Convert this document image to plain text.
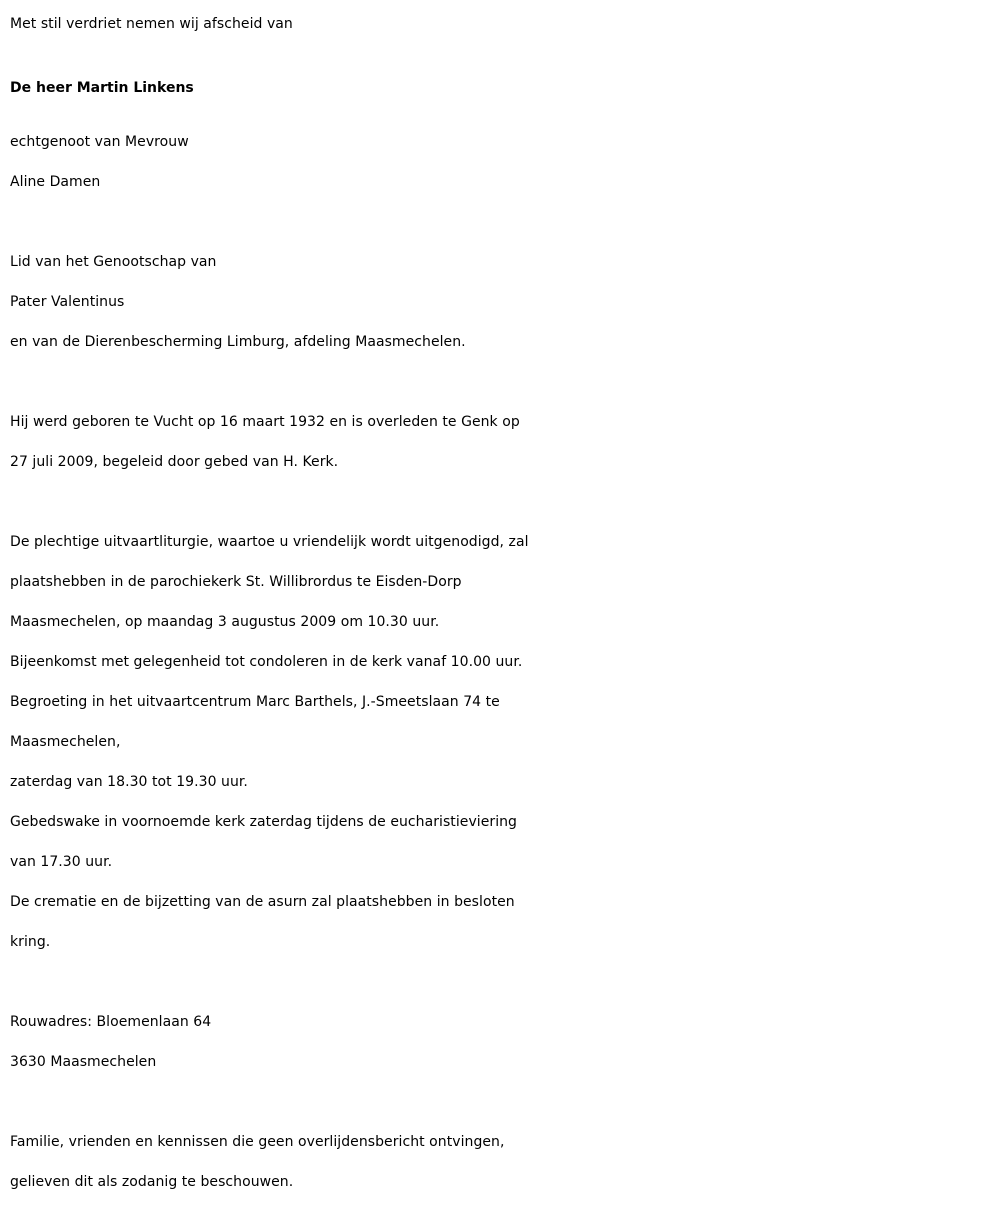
Met stil verdriet nemen wij afscheid van
De heer Martin Linkens
echtgenoot van Mevrouw
Aline Damen
Lid van het Genootschap van
Pater Valentinus
en van de Dierenbescherming Limburg, afdeling Maasmechelen.
Hij werd geboren te Vucht op 16 maart 1932 en is overleden te Genk op
27 juli 2009, begeleid door gebed van H. Kerk.
De plechtige uitvaartliturgie, waartoe u vriendelijk wordt uitgenodigd, zal
plaatshebben in de parochiekerk St. Willibrordus te Eisden-Dorp
Maasmechelen, op maandag 3 augustus 2009 om 10.30 uur.
Bijeenkomst met gelegenheid tot condoleren in de kerk vanaf 10.00 uur.
Begroeting in het uitvaartcentrum Marc Barthels, J.-Smeetslaan 74 te
Maasmechelen,
zaterdag van 18.30 tot 19.30 uur.
Gebedswake in voornoemde kerk zaterdag tijdens de eucharistieviering
van 17.30 uur.
De crematie en de bijzetting van de asurn zal plaatshebben in besloten
kring.
Rouwadres: Bloemenlaan 64
3630 Maasmechelen
Familie, vrienden en kennissen die geen overlijdensbericht ontvingen,
gelieven dit als zodanig te beschouwen.
